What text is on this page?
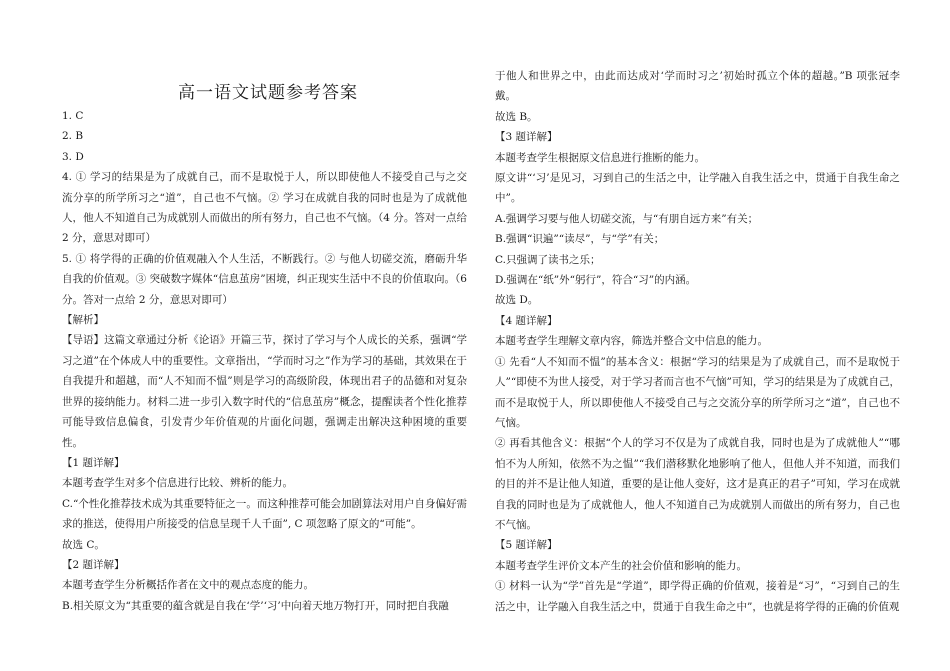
高一语文试题参考答案

1. C

2. B

3. D

4. ① 学习的结果是为了成就自己，而不是取悦于人，所以即使他人不接受自己与之交流分享的所学所习之“道”，自己也不气恼。② 学习在成就自我的同时也是为了成就他人，他人不知道自己为成就别人而做出的所有努力，自己也不气恼。（4 分。答对一点给 2 分，意思对即可）

5. ① 将学得的正确的价值观融入个人生活，不断践行。② 与他人切磋交流，磨砺升华自我的价值观。③ 突破数字媒体“信息茧房”困境，纠正现实生活中不良的价值取向。（6 分。答对一点给 2 分，意思对即可）

【解析】

【导语】这篇文章通过分析《论语》开篇三节，探讨了学习与个人成长的关系，强调“学习之道”在个体成人中的重要性。文章指出，“学而时习之”作为学习的基础，其效果在于自我提升和超越，而“人不知而不愠”则是学习的高级阶段，体现出君子的品德和对复杂世界的接纳能力。材料二进一步引入数字时代的“信息茧房”概念，提醒读者个性化推荐可能导致信息偏食，引发青少年价值观的片面化问题，强调走出解决这种困境的重要性。

【1 题详解】

本题考查学生对多个信息进行比较、辨析的能力。

C.“个性化推荐技术成为其重要特征之一。而这种推荐可能会加剧算法对用户自身偏好需求的推送，使得用户所接受的信息呈现千人千面”, C 项忽略了原文的“可能”。

故选 C。

【2 题详解】

本题考查学生分析概括作者在文中的观点态度的能力。

B.相关原文为“其重要的蕴含就是自我在‘学’‘习’中向着天地万物打开，同时把自我融

于他人和世界之中，由此而达成对‘学而时习之’初始时孤立个体的超越。”B 项张冠李戴。

故选 B。

【3 题详解】

本题考查学生根据原文信息进行推断的能力。

原文讲“‘习’是见习，习到自己的生活之中，让学融入自我生活之中，贯通于自我生命之中”。

A.强调学习要与他人切磋交流，与“有朋自远方来”有关；

B.强调“识遍”“读尽”，与“学”有关；

C.只强调了读书之乐；

D.强调在“纸”外“躬行”，符合“习”的内涵。

故选 D。

【4 题详解】

本题考查学生理解文章内容，筛选并整合文中信息的能力。

① 先看“人不知而不愠”的基本含义：根据“学习的结果是为了成就自己，而不是取悦于人”“即使不为世人接受，对于学习者而言也不气恼”可知，学习的结果是为了成就自己，而不是取悦于人，所以即使他人不接受自己与之交流分享的所学所习之“道”，自己也不气恼。

② 再看其他含义：根据“个人的学习不仅是为了成就自我，同时也是为了成就他人”“哪怕不为人所知，依然不为之愠”“我们潜移默化地影响了他人，但他人并不知道，而我们的目的并不是让他人知道，重要的是让他人变好，这才是真正的君子”可知，学习在成就自我的同时也是为了成就他人，他人不知道自己为成就别人而做出的所有努力，自己也不气恼。

【5 题详解】

本题考查学生评价文本产生的社会价值和影响的能力。

① 材料一认为“学”首先是“学道”，即学得正确的价值观，接着是“习”，“习到自己的生活之中，让学融入自我生活之中，贯通于自我生命之中”，也就是将学得的正确的价值观
